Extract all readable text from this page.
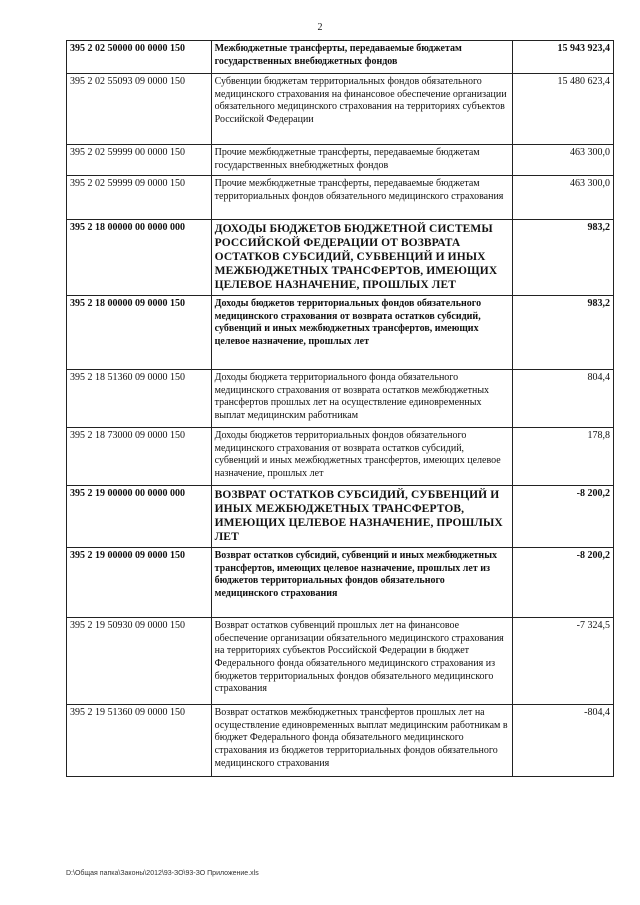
2
395 2 02 50000 00 0000 150	Межбюджетные трансферты, передаваемые бюджетам государственных внебюджетных фондов	15 943 923,4
395 2 02 55093 09 0000 150	Субвенции бюджетам территориальных фондов обязательного медицинского страхования на финансовое обеспечение организации обязательного медицинского страхования на территориях субъектов Российской Федерации	15 480 623,4
395 2 02 59999 00 0000 150	Прочие межбюджетные трансферты, передаваемые бюджетам государственных внебюджетных фондов	463 300,0
395 2 02 59999 09 0000 150	Прочие межбюджетные трансферты, передаваемые бюджетам территориальных фондов обязательного медицинского страхования	463 300,0
395 2 18 00000 00 0000 000	ДОХОДЫ БЮДЖЕТОВ БЮДЖЕТНОЙ СИСТЕМЫ РОССИЙСКОЙ ФЕДЕРАЦИИ ОТ ВОЗВРАТА ОСТАТКОВ СУБСИДИЙ, СУБВЕНЦИЙ И ИНЫХ МЕЖБЮДЖЕТНЫХ ТРАНСФЕРТОВ, ИМЕЮЩИХ ЦЕЛЕВОЕ НАЗНАЧЕНИЕ, ПРОШЛЫХ ЛЕТ	983,2
395 2 18 00000 09 0000 150	Доходы бюджетов территориальных фондов обязательного медицинского страхования от возврата остатков субсидий, субвенций и иных межбюджетных трансфертов, имеющих целевое назначение, прошлых лет	983,2
395 2 18 51360 09 0000 150	Доходы бюджета территориального фонда обязательного медицинского страхования от возврата остатков межбюджетных трансфертов прошлых лет на осуществление единовременных выплат медицинским работникам	804,4
395 2 18 73000 09 0000 150	Доходы бюджетов территориальных фондов обязательного медицинского страхования от возврата остатков субсидий, субвенций и иных межбюджетных трансфертов, имеющих целевое назначение, прошлых лет	178,8
395 2 19 00000 00 0000 000	ВОЗВРАТ ОСТАТКОВ СУБСИДИЙ, СУБВЕНЦИЙ И ИНЫХ МЕЖБЮДЖЕТНЫХ ТРАНСФЕРТОВ, ИМЕЮЩИХ ЦЕЛЕВОЕ НАЗНАЧЕНИЕ, ПРОШЛЫХ ЛЕТ	-8 200,2
395 2 19 00000 09 0000 150	Возврат остатков субсидий, субвенций и иных межбюджетных трансфертов, имеющих целевое назначение, прошлых лет из бюджетов территориальных фондов обязательного медицинского страхования	-8 200,2
395 2 19 50930 09 0000 150	Возврат остатков субвенций прошлых лет на финансовое обеспечение организации обязательного медицинского страхования на территориях субъектов Российской Федерации в бюджет Федерального фонда обязательного медицинского страхования из бюджетов территориальных фондов обязательного медицинского страхования	-7 324,5
395 2 19 51360 09 0000 150	Возврат остатков межбюджетных трансфертов прошлых лет на осуществление единовременных выплат медицинским работникам в бюджет Федерального фонда обязательного медицинского страхования из бюджетов территориальных фондов обязательного медицинского страхования	-804,4
D:\Общая папка\Законы\2012\93-ЗО\93-ЗО Приложение.xls
